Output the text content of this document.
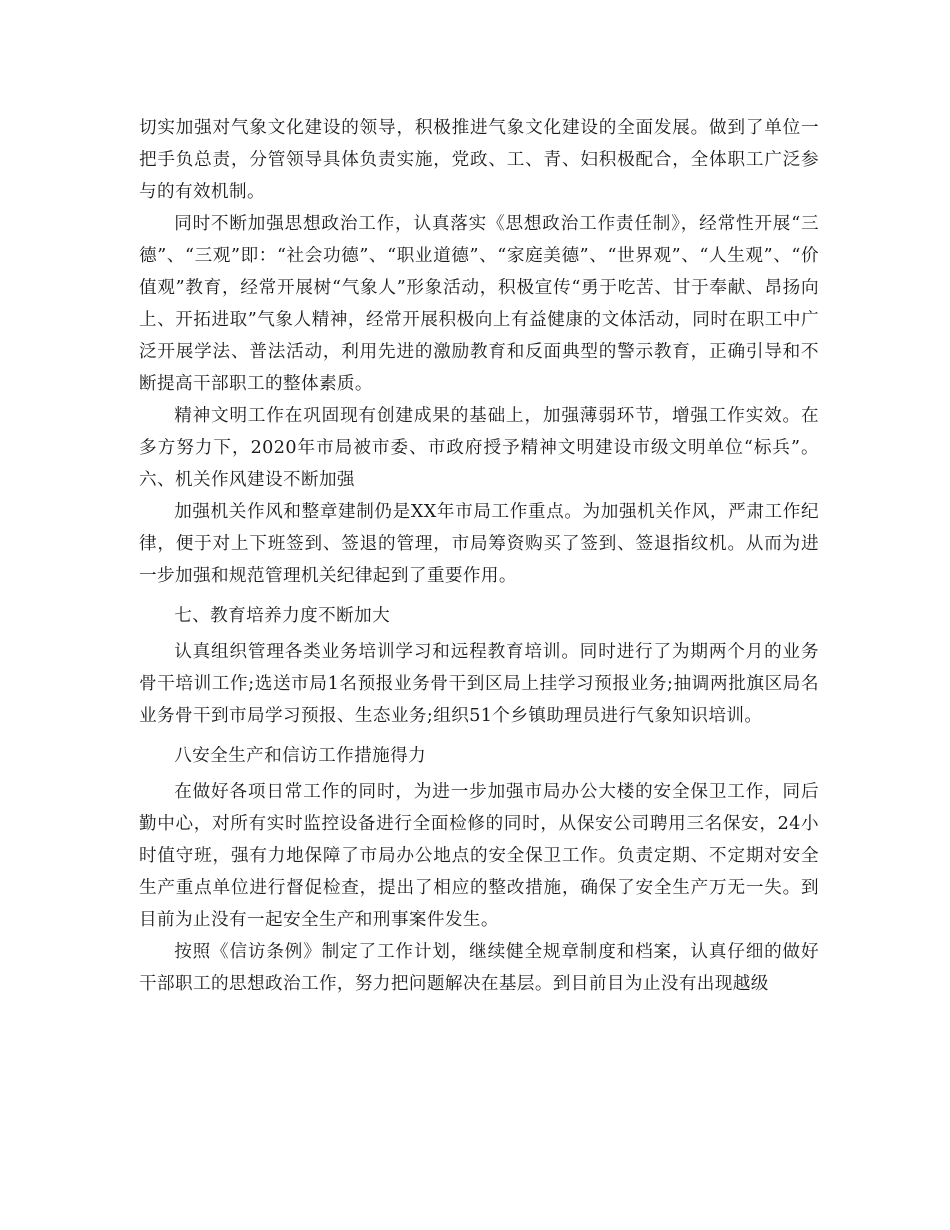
切实加强对气象文化建设的领导，积极推进气象文化建设的全面发展。做到了单位一把手负总责，分管领导具体负责实施，党政、工、青、妇积极配合，全体职工广泛参与的有效机制。

同时不断加强思想政治工作，认真落实《思想政治工作责任制》，经常性开展“三德”、“三观”即：“社会功德”、“职业道德”、“家庭美德”、“世界观”、“人生观”、“价值观”教育，经常开展树“气象人”形象活动，积极宣传“勇于吃苦、甘于奉献、昂扬向上、开拓进取”气象人精神，经常开展积极向上有益健康的文体活动，同时在职工中广泛开展学法、普法活动，利用先进的激励教育和反面典型的警示教育，正确引导和不断提高干部职工的整体素质。

精神文明工作在巩固现有创建成果的基础上，加强薄弱环节，增强工作实效。在多方努力下，2020年市局被市委、市政府授予精神文明建设市级文明单位“标兵”。 六、机关作风建设不断加强

加强机关作风和整章建制仍是XX年市局工作重点。为加强机关作风，严肃工作纪律，便于对上下班签到、签退的管理，市局筹资购买了签到、签退指纹机。从而为进一步加强和规范管理机关纪律起到了重要作用。

七、教育培养力度不断加大

认真组织管理各类业务培训学习和远程教育培训。同时进行了为期两个月的业务骨干培训工作;选送市局1名预报业务骨干到区局上挂学习预报业务;抽调两批旗区局名业务骨干到市局学习预报、生态业务;组织51个乡镇助理员进行气象知识培训。

八安全生产和信访工作措施得力

在做好各项日常工作的同时，为进一步加强市局办公大楼的安全保卫工作，同后勤中心，对所有实时监控设备进行全面检修的同时，从保安公司聘用三名保安，24小时值守班，强有力地保障了市局办公地点的安全保卫工作。负责定期、不定期对安全生产重点单位进行督促检查，提出了相应的整改措施，确保了安全生产万无一失。到目前为止没有一起安全生产和刑事案件发生。

按照《信访条例》制定了工作计划，继续健全规章制度和档案，认真仔细的做好干部职工的思想政治工作，努力把问题解决在基层。到目前目为止没有出现越级
